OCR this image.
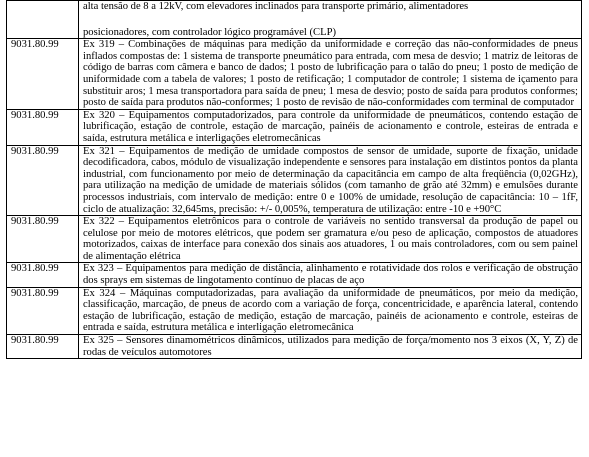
	alta tensão de 8 a 12kV, com elevadores inclinados para transporte primário, alimentadores
posicionadores, com controlador lógico programável (CLP)

9031.80.99	Ex 319 – Combinações de máquinas para medição da uniformidade e correção das não-conformidades de pneus inflados compostas de: 1 sistema de transporte pneumático para entrada, com mesa de desvio; 1 matriz de leitoras de código de barras com câmera e banco de dados; 1 posto de lubrificação para o talão do pneu; 1 posto de medição de uniformidade com a tabela de valores; 1 posto de retificação; 1 computador de controle; 1 sistema de içamento para substituir aros; 1 mesa transportadora para saída de pneu; 1 mesa de desvio; posto de saída para produtos conformes; posto de saída para produtos não-conformes; 1 posto de revisão de não-conformidades com terminal de computador
9031.80.99	Ex 320 – Equipamentos computadorizados, para controle da uniformidade de pneumáticos, contendo estação de lubrificação, estação de controle, estação de marcação, painéis de acionamento e controle, esteiras de entrada e saída, estrutura metálica e interligações eletromecânicas
9031.80.99	Ex 321 – Equipamentos de medição de umidade compostos de sensor de umidade, suporte de fixação, unidade decodificadora, cabos, módulo de visualização independente e sensores para instalação em distintos pontos da planta industrial, com funcionamento por meio de determinação da capacitância em campo de alta freqüência (0,02GHz), para utilização na medição de umidade de materiais sólidos (com tamanho de grão até 32mm) e emulsões durante processos industriais, com intervalo de medição: entre 0 e 100% de umidade, resolução de capacitância: 10 – 1fF, ciclo de atualização: 32,645ms, precisão: +/- 0,005%, temperatura de utilização: entre -10 e +90°C
9031.80.99	Ex 322 – Equipamentos eletrônicos para o controle de variáveis no sentido transversal da produção de papel ou celulose por meio de motores elétricos, que podem ser gramatura e/ou peso de aplicação, compostos de atuadores motorizados, caixas de interface para conexão dos sinais aos atuadores, 1 ou mais controladores, com ou sem painel de alimentação elétrica
9031.80.99	Ex 323 – Equipamentos para medição de distância, alinhamento e rotatividade dos rolos e verificação de obstrução dos sprays em sistemas de lingotamento contínuo de placas de aço
9031.80.99	Ex 324 – Máquinas computadorizadas, para avaliação da uniformidade de pneumáticos, por meio da medição, classificação, marcação, de pneus de acordo com a variação de força, concentricidade, e aparência lateral, contendo estação de lubrificação, estação de medição, estação de marcação, painéis de acionamento e controle, esteiras de entrada e saída, estrutura metálica e interligação eletromecânica
9031.80.99	Ex 325 – Sensores dinamométricos dinâmicos, utilizados para medição de força/momento nos 3 eixos (X, Y, Z) de rodas de veículos automotores
